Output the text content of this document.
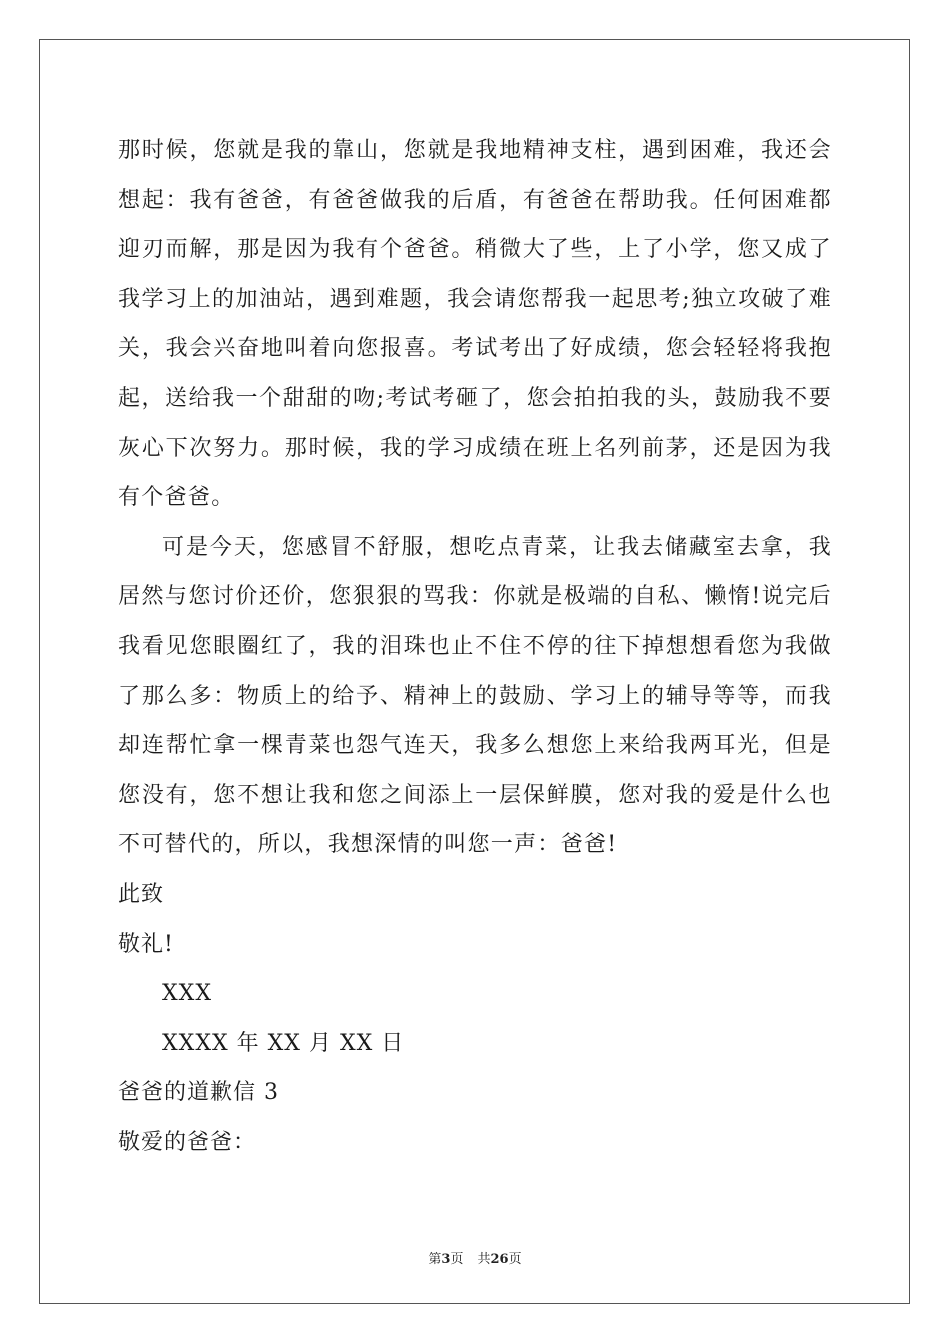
那时候，您就是我的靠山，您就是我地精神支柱，遇到困难，我还会想起：我有爸爸，有爸爸做我的后盾，有爸爸在帮助我。任何困难都迎刃而解，那是因为我有个爸爸。稍微大了些，上了小学，您又成了我学习上的加油站，遇到难题，我会请您帮我一起思考;独立攻破了难关，我会兴奋地叫着向您报喜。考试考出了好成绩，您会轻轻将我抱起，送给我一个甜甜的吻;考试考砸了，您会拍拍我的头，鼓励我不要灰心下次努力。那时候，我的学习成绩在班上名列前茅，还是因为我有个爸爸。

可是今天，您感冒不舒服，想吃点青菜，让我去储藏室去拿，我居然与您讨价还价，您狠狠的骂我：你就是极端的自私、懒惰!说完后我看见您眼圈红了，我的泪珠也止不住不停的往下掉想想看您为我做了那么多：物质上的给予、精神上的鼓励、学习上的辅导等等，而我却连帮忙拿一棵青菜也怨气连天，我多么想您上来给我两耳光，但是您没有，您不想让我和您之间添上一层保鲜膜，您对我的爱是什么也不可替代的，所以，我想深情的叫您一声：爸爸!

此致

敬礼!

XXX

XXXX 年 XX 月 XX 日

爸爸的道歉信 3

敬爱的爸爸：

第3页 共26页
